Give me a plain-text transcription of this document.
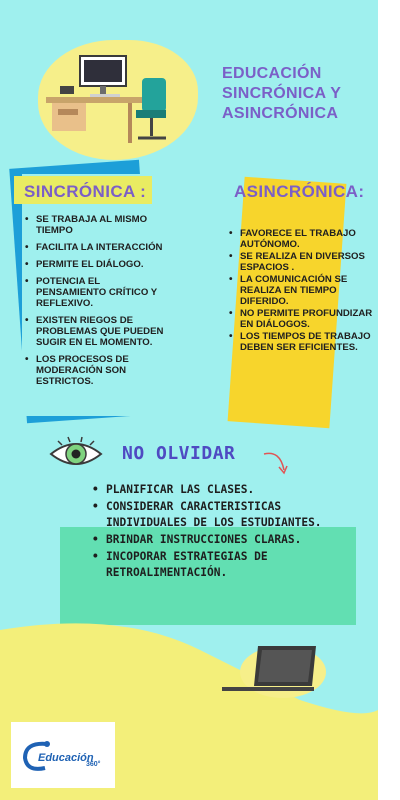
EDUCACIÓN
SINCRÓNICA Y
ASINCRÓNICA
SINCRÓNICA :
• SE TRABAJA AL MISMO TIEMPO
• FACILITA LA INTERACCIÓN
• PERMITE EL DIÁLOGO.
• POTENCIA EL PENSAMIENTO CRÍTICO Y REFLEXIVO.
• EXISTEN RIEGOS DE PROBLEMAS QUE PUEDEN SUGIR EN EL MOMENTO.
• LOS PROCESOS DE MODERACIÓN SON ESTRICTOS.
ASINCRÓNICA:
• FAVORECE EL TRABAJO AUTÓNOMO.
• SE REALIZA EN DIVERSOS ESPACIOS .
• LA COMUNICACIÓN SE REALIZA EN TIEMPO DIFERIDO.
• NO PERMITE PROFUNDIZAR EN DIÁLOGOS.
• LOS TIEMPOS DE TRABAJO DEBEN SER EFICIENTES.
NO OLVIDAR
• PLANIFICAR LAS CLASES.
• CONSIDERAR CARACTERISTICAS INDIVIDUALES DE LOS ESTUDIANTES.
• BRINDAR INSTRUCCIONES CLARAS.
• INCOPORAR ESTRATEGIAS DE RETROALIMENTACIÓN.
Educación
360°
